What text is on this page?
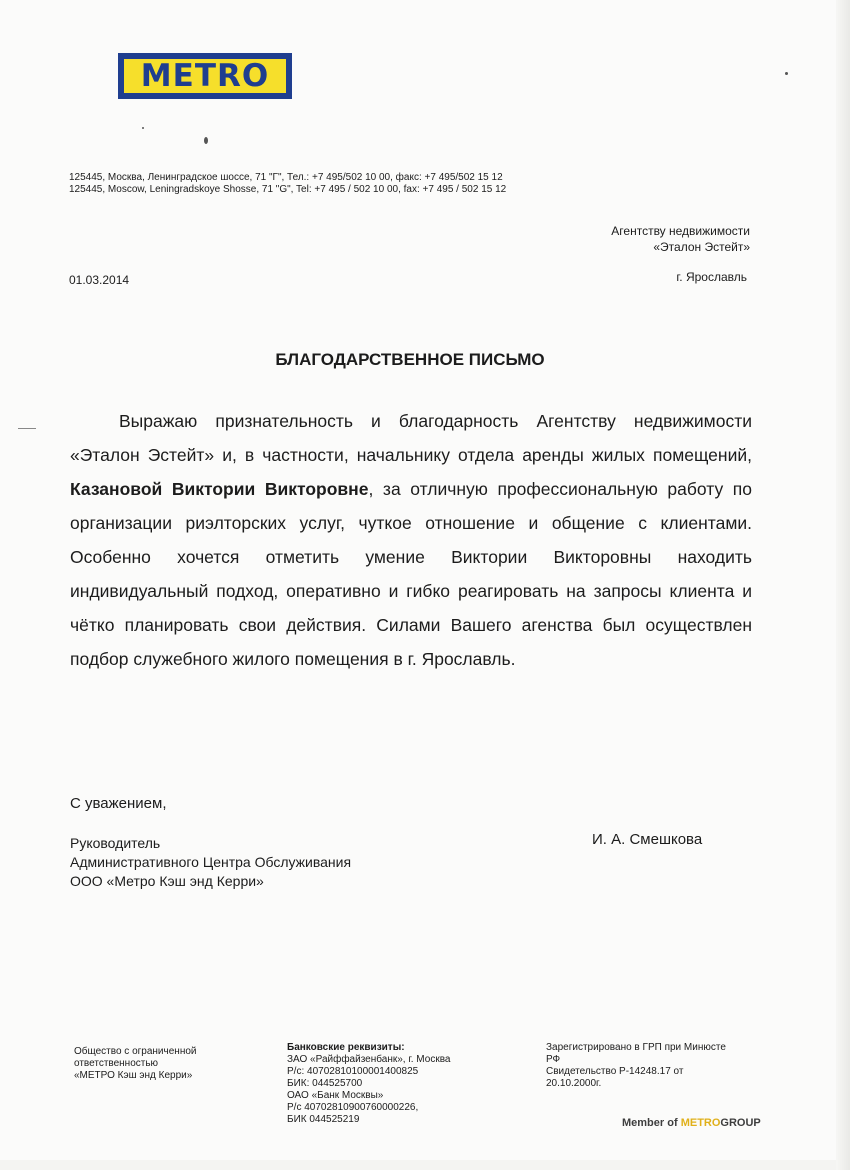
METRO
125445, Москва, Ленинградское шоссе, 71 "Г", Тел.: +7 495/502 10 00, факс: +7 495/502 15 12
125445, Moscow, Leningradskoye Shosse, 71 "G", Tel: +7 495 / 502 10 00, fax: +7 495 / 502 15 12
Агентству недвижимости
«Эталон Эстейт»
01.03.2014	г. Ярославль
БЛАГОДАРСТВЕННОЕ ПИСЬМО

Выражаю признательность и благодарность Агентству недвижимости «Эталон Эстейт» и, в частности, начальнику отдела аренды жилых помещений, Казановой Виктории Викторовне, за отличную профессиональную работу по организации риэлторских услуг, чуткое отношение и общение с клиентами. Особенно хочется отметить умение Виктории Викторовны находить индивидуальный подход, оперативно и гибко реагировать на запросы клиента и чётко планировать свои действия. Силами Вашего агенства был осуществлен подбор служебного жилого помещения в г. Ярославль.

С уважением,
Руководитель
Административного Центра Обслуживания
ООО «Метро Кэш энд Керри»
И. А. Смешкова
Общество с ограниченной
ответственностью
«МЕТРО Кэш энд Керри»
Банковские реквизиты:
ЗАО «Райффайзенбанк», г. Москва
Р/с: 40702810100001400825
БИК: 044525700
ОАО «Банк Москвы»
Р/с 40702810900760000226,
БИК 044525219
Зарегистрировано в ГРП при Минюсте
РФ
Свидетельство Р-14248.17 от
20.10.2000г.
Member of METROGROUP
